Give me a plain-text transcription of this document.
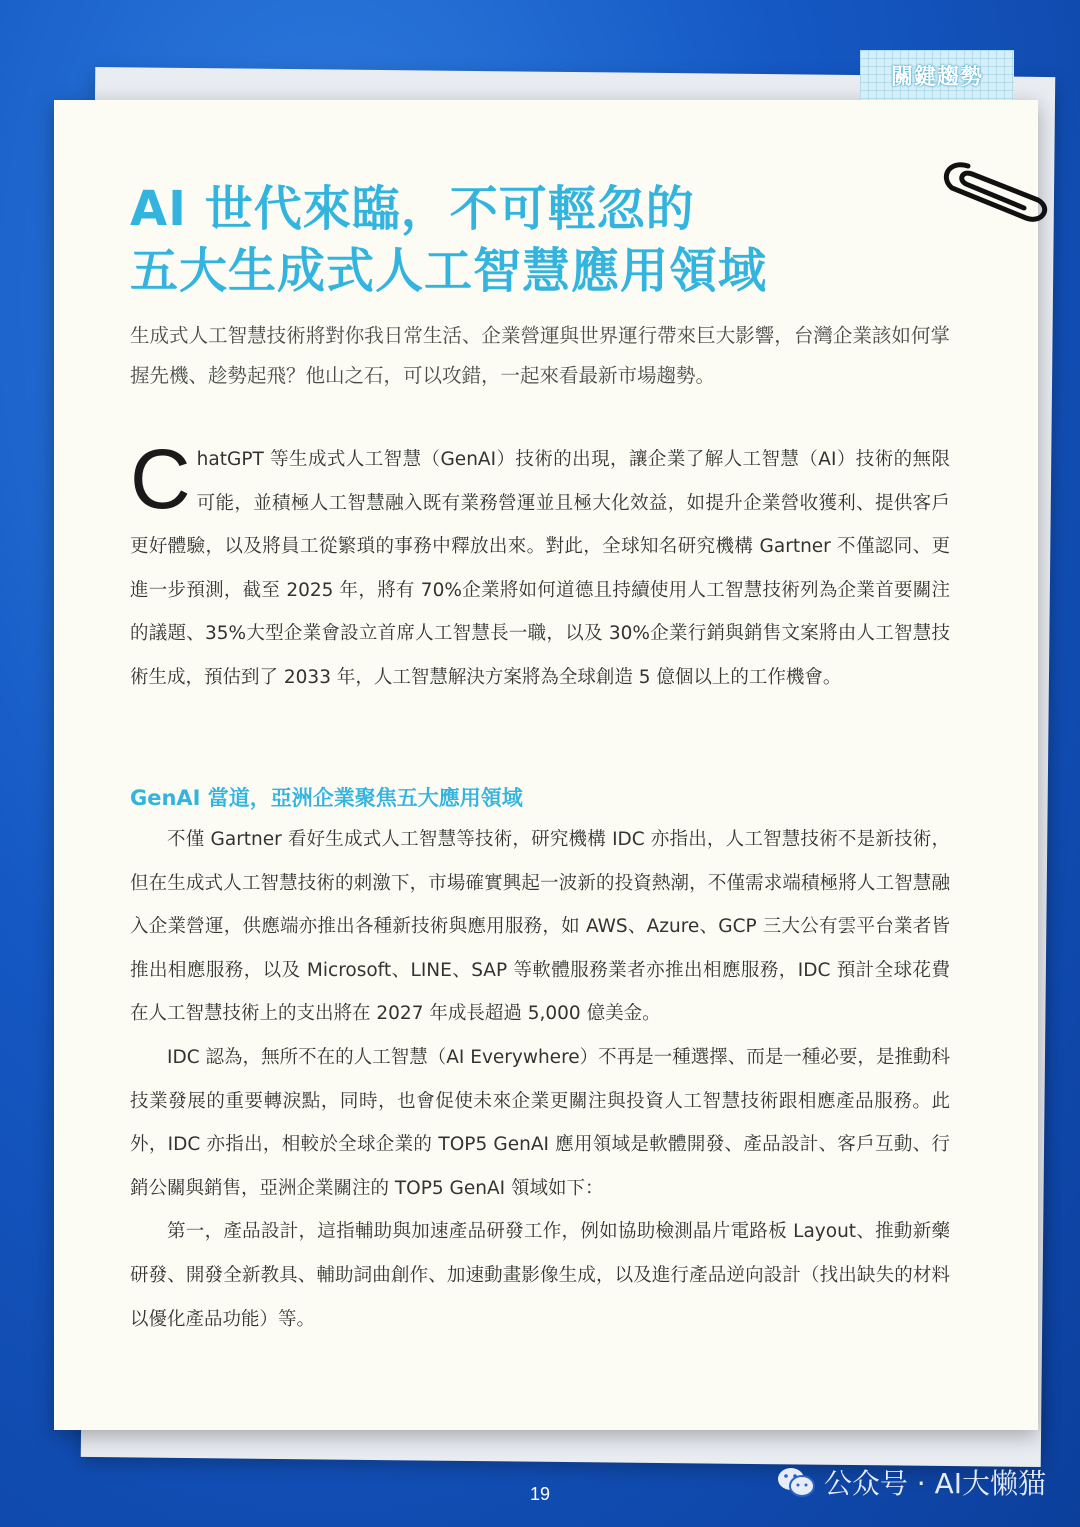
關鍵趨勢
AI 世代來臨，不可輕忽的
五大生成式人工智慧應用領域

生成式人工智慧技術將對你我日常生活、企業營運與世界運行帶來巨大影響，台灣企業該如何掌握先機、趁勢起飛？他山之石，可以攻錯，一起來看最新市場趨勢。

ChatGPT 等生成式人工智慧（GenAI）技術的出現，讓企業了解人工智慧（AI）技術的無限可能，並積極人工智慧融入既有業務營運並且極大化效益，如提升企業營收獲利、提供客戶更好體驗，以及將員工從繁瑣的事務中釋放出來。對此，全球知名研究機構 Gartner 不僅認同、更進一步預測，截至 2025 年，將有 70%企業將如何道德且持續使用人工智慧技術列為企業首要關注的議題、35%大型企業會設立首席人工智慧長一職，以及 30%企業行銷與銷售文案將由人工智慧技術生成，預估到了 2033 年，人工智慧解決方案將為全球創造 5 億個以上的工作機會。
GenAI 當道，亞洲企業聚焦五大應用領域

不僅 Gartner 看好生成式人工智慧等技術，研究機構 IDC 亦指出，人工智慧技術不是新技術，但在生成式人工智慧技術的刺激下，市場確實興起一波新的投資熱潮，不僅需求端積極將人工智慧融入企業營運，供應端亦推出各種新技術與應用服務，如 AWS、Azure、GCP 三大公有雲平台業者皆推出相應服務，以及 Microsoft、LINE、SAP 等軟體服務業者亦推出相應服務，IDC 預計全球花費在人工智慧技術上的支出將在 2027 年成長超過 5,000 億美金。

IDC 認為，無所不在的人工智慧（AI Everywhere）不再是一種選擇、而是一種必要，是推動科技業發展的重要轉淚點，同時，也會促使未來企業更關注與投資人工智慧技術跟相應產品服務。此外，IDC 亦指出，相較於全球企業的 TOP5 GenAI 應用領域是軟體開發、產品設計、客戶互動、行銷公關與銷售，亞洲企業關注的 TOP5 GenAI 領域如下：

第一，產品設計，這指輔助與加速產品研發工作，例如協助檢測晶片電路板 Layout、推動新藥研發、開發全新教具、輔助詞曲創作、加速動畫影像生成，以及進行產品逆向設計（找出缺失的材料以優化產品功能）等。

19	公众号 · AI大懒猫
